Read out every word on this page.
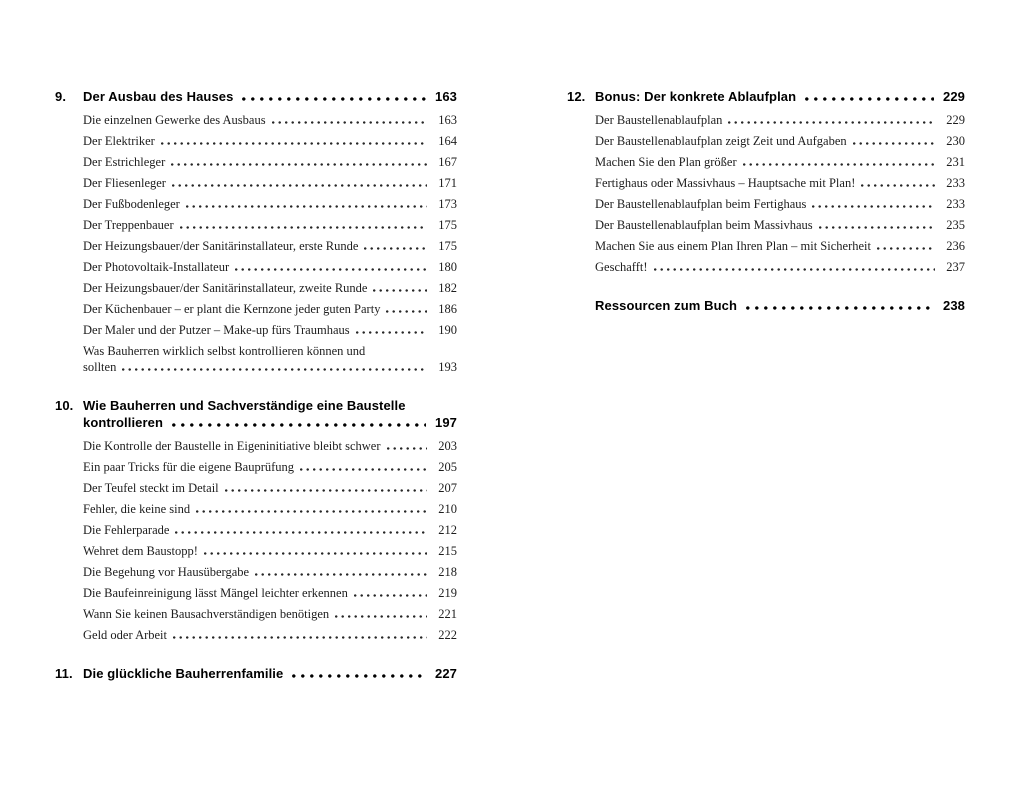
9.	Der Ausbau des Hauses	163
Die einzelnen Gewerke des Ausbaus	163
Der Elektriker	164
Der Estrichleger	167
Der Fliesenleger	171
Der Fußbodenleger	173
Der Treppenbauer	175
Der Heizungsbauer/der Sanitärinstallateur, erste Runde	175
Der Photovoltaik-Installateur	180
Der Heizungsbauer/der Sanitärinstallateur, zweite Runde	182
Der Küchenbauer – er plant die Kernzone jeder guten Party	186
Der Maler und der Putzer – Make-up fürs Traumhaus	190
Was Bauherren wirklich selbst kontrollieren können und
sollten	193
10. Wie Bauherren und Sachverständige eine Baustelle
kontrollieren	197
Die Kontrolle der Baustelle in Eigeninitiative bleibt schwer	203
Ein paar Tricks für die eigene Bauprüfung	205
Der Teufel steckt im Detail	207
Fehler, die keine sind	210
Die Fehlerparade	212
Wehret dem Baustopp!	215
Die Begehung vor Hausübergabe	218
Die Baufeinreinigung lässt Mängel leichter erkennen	219
Wann Sie keinen Bausachverständigen benötigen	221
Geld oder Arbeit	222
11. Die glückliche Bauherrenfamilie	227
12. Bonus: Der konkrete Ablaufplan	229
Der Baustellenablaufplan	229
Der Baustellenablaufplan zeigt Zeit und Aufgaben	230
Machen Sie den Plan größer	231
Fertighaus oder Massivhaus – Hauptsache mit Plan!	233
Der Baustellenablaufplan beim Fertighaus	233
Der Baustellenablaufplan beim Massivhaus	235
Machen Sie aus einem Plan Ihren Plan – mit Sicherheit	236
Geschafft!	237
Ressourcen zum Buch	238
